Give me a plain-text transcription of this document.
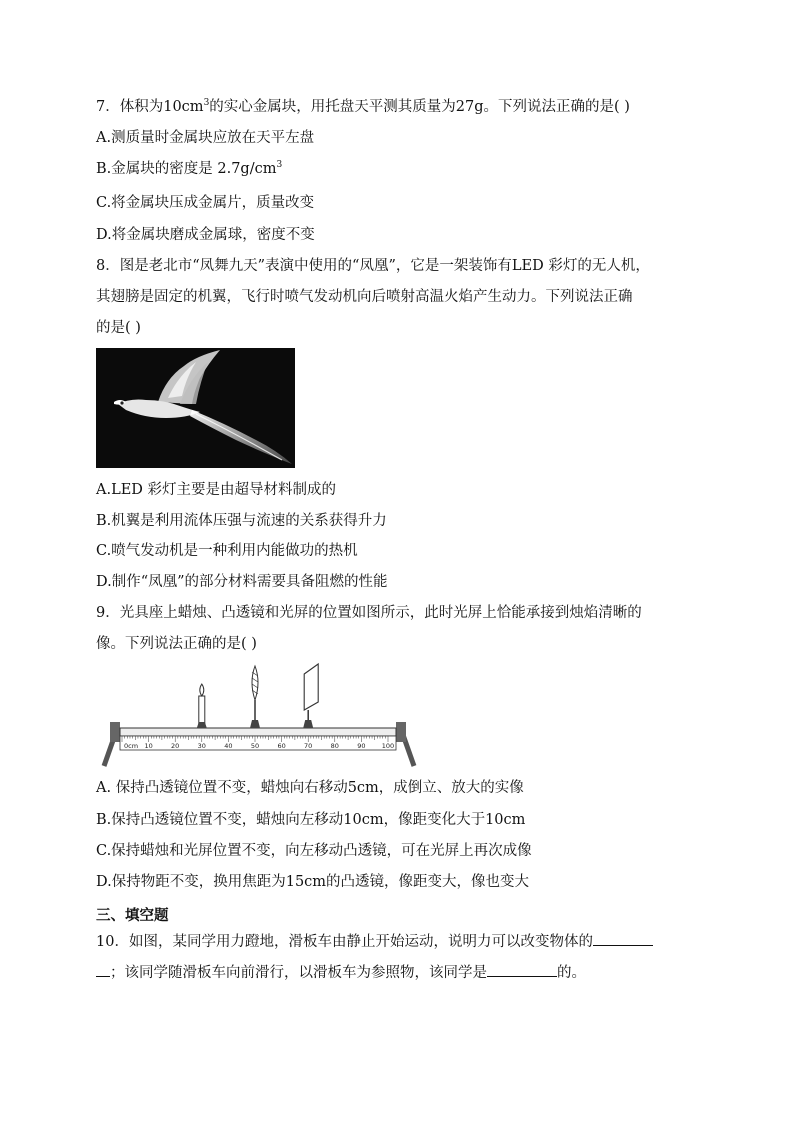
7．体积为$10cm^3$的实心金属块，用托盘天平测其质量为27g。下列说法正确的是( )
A.测质量时金属块应放在天平左盘
B.金属块的密度是 $2.7g/cm^3$
C.将金属块压成金属片，质量改变
D.将金属块磨成金属球，密度不变
8．图是老北市“凤舞九天”表演中使用的“凤凰”，它是一架装饰有LED 彩灯的无人机，
其翅膀是固定的机翼，飞行时喷气发动机向后喷射高温火焰产生动力。下列说法正确
的是( )
A.LED 彩灯主要是由超导材料制成的
B.机翼是利用流体压强与流速的关系获得升力
C.喷气发动机是一种利用内能做功的热机
D.制作“凤凰”的部分材料需要具备阻燃的性能
9．光具座上蜡烛、凸透镜和光屏的位置如图所示，此时光屏上恰能承接到烛焰清晰的
像。下列说法正确的是( )
0cm 10	20	30	40	50	60	70	80	90 100
A. 保持凸透镜位置不变，蜡烛向右移动5cm，成倒立、放大的实像
B.保持凸透镜位置不变，蜡烛向左移动10cm，像距变化大于10cm
C.保持蜡烛和光屏位置不变，向左移动凸透镜，可在光屏上再次成像
D.保持物距不变，换用焦距为15cm的凸透镜，像距变大，像也变大
三、填空题
10．如图，某同学用力蹬地，滑板车由静止开始运动，说明力可以改变物体的
；该同学随滑板车向前滑行，以滑板车为参照物，该同学是	的。
